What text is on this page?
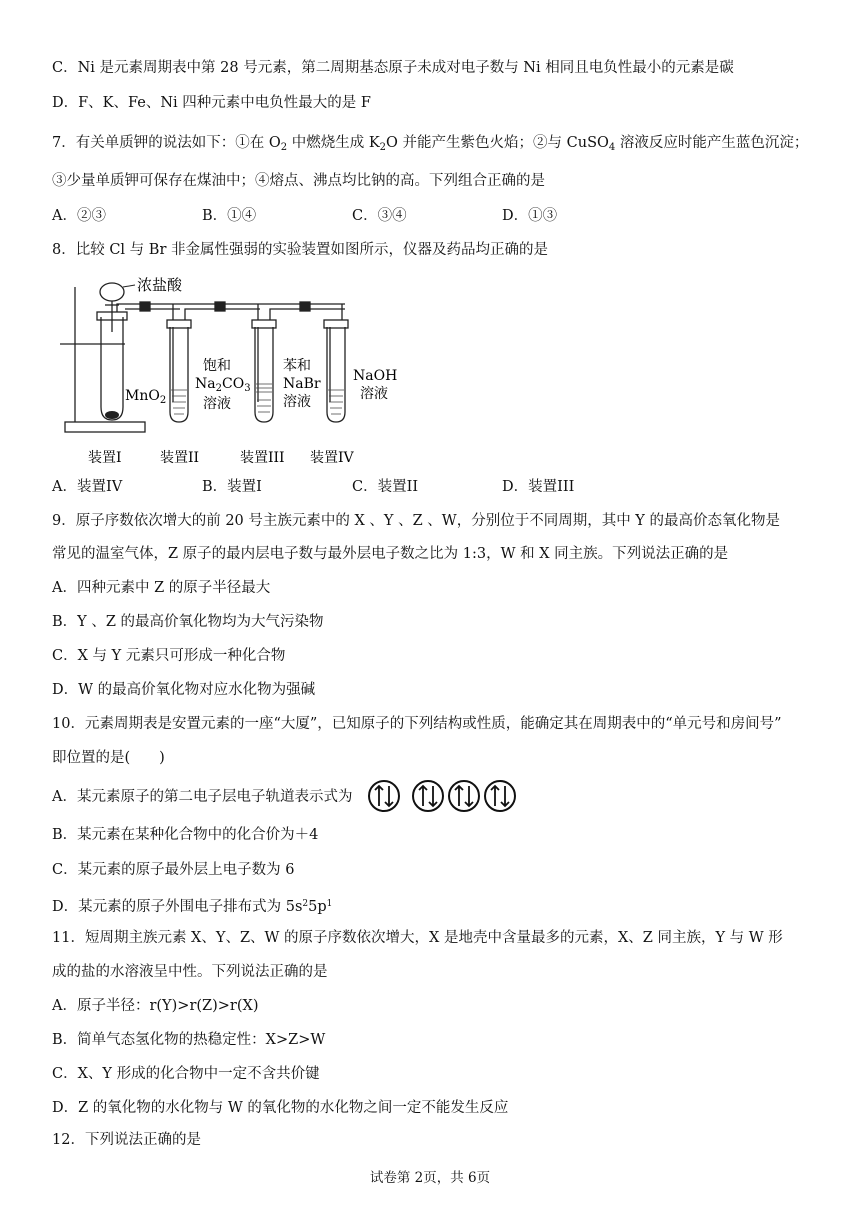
C．Ni 是元素周期表中第 28 号元素，第二周期基态原子未成对电子数与 Ni 相同且电负性最小的元素是碳
D．F、K、Fe、Ni 四种元素中电负性最大的是 F
7．有关单质钾的说法如下：①在 $O_2$ 中燃烧生成 $K_2O$ 并能产生紫色火焰；②与 CuSO$_4$ 溶液反应时能产生蓝色沉淀；
③少量单质钾可保存在煤油中；④熔点、沸点均比钠的高。下列组合正确的是
A．②③	B．①④	C．③④	D．①③
8．比较 Cl 与 Br 非金属性强弱的实验装置如图所示，仪器及药品均正确的是
浓盐酸
MnO$_2$
饱和
$Na_2CO_3$
溶液
苯和
NaBr
溶液
NaOH
溶液
装置I	装置II	装置III 装置IV
A．装置IV	B．装置I	C．装置II	D．装置III
9．原子序数依次增大的前 20 号主族元素中的 X 、Y 、Z 、W，分别位于不同周期，其中 Y 的最高价态氧化物是
常见的温室气体，Z 原子的最内层电子数与最外层电子数之比为 1:3，W 和 X 同主族。下列说法正确的是
A．四种元素中 Z 的原子半径最大
B．Y 、Z 的最高价氧化物均为大气污染物
C．X 与 Y 元素只可形成一种化合物
D．W 的最高价氧化物对应水化物为强碱
10．元素周期表是安置元素的一座“大厦”，已知原子的下列结构或性质，能确定其在周期表中的“单元号和房间号”
即位置的是(　　)
A．某元素原子的第二电子层电子轨道表示式为
B．某元素在某种化合物中的化合价为＋4
C．某元素的原子最外层上电子数为 6
D．某元素的原子外围电子排布式为 $5s^25p^1$
11．短周期主族元素 X、Y、Z、W 的原子序数依次增大，X 是地壳中含量最多的元素，X、Z 同主族，Y 与 W 形
成的盐的水溶液呈中性。下列说法正确的是
A．原子半径：r(Y)>r(Z)>r(X)
B．简单气态氢化物的热稳定性：X>Z>W
C．X、Y 形成的化合物中一定不含共价键
D．Z 的氧化物的水化物与 W 的氧化物的水化物之间一定不能发生反应
12．下列说法正确的是
试卷第 2页，共 6页
